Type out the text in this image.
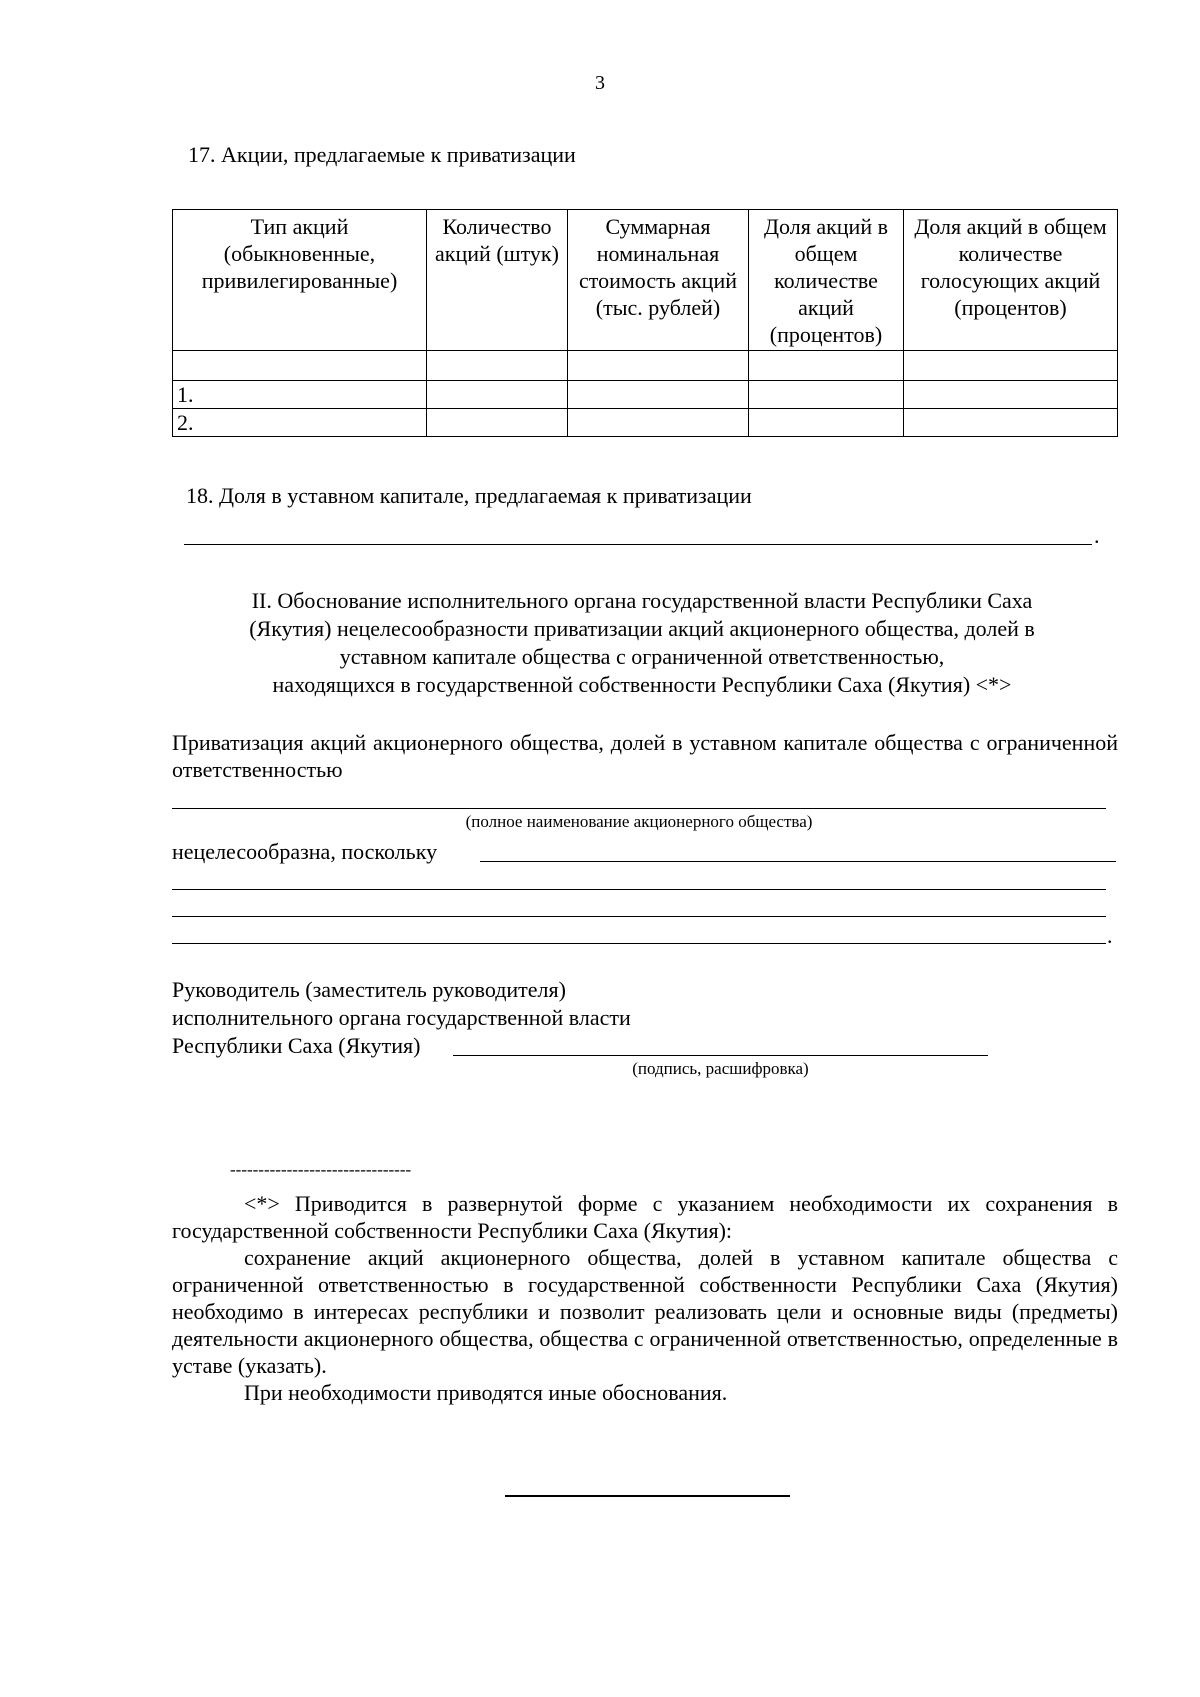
3
17. Акции, предлагаемые к приватизации
Тип акций (обыкновенные, привилегированные)	Количество акций (штук)	Суммарная номинальная стоимость акций (тыс. рублей)	Доля акций в общем количестве акций (процентов)	Доля акций в общем количестве голосующих акций (процентов)

1.				
2.				
18. Доля в уставном капитале, предлагаемая к приватизации
.
II. Обоснование исполнительного органа государственной власти Республики Саха
(Якутия) нецелесообразности приватизации акций акционерного общества, долей в
уставном капитале общества с ограниченной ответственностью,
находящихся в государственной собственности Республики Саха (Якутия) <*>
Приватизация акций акционерного общества, долей в уставном капитале общества с ограниченной ответственностью
(полное наименование акционерного общества)
нецелесообразна, поскольку
.
Руководитель (заместитель руководителя)
исполнительного органа государственной власти
Республики Саха (Якутия)
(подпись, расшифровка)
--------------------------------

<*> Приводится в развернутой форме с указанием необходимости их сохранения в государственной собственности Республики Саха (Якутия):

сохранение акций акционерного общества, долей в уставном капитале общества с ограниченной ответственностью в государственной собственности Республики Саха (Якутия) необходимо в интересах республики и позволит реализовать цели и основные виды (предметы) деятельности акционерного общества, общества с ограниченной ответственностью, определенные в уставе (указать).

При необходимости приводятся иные обоснования.
